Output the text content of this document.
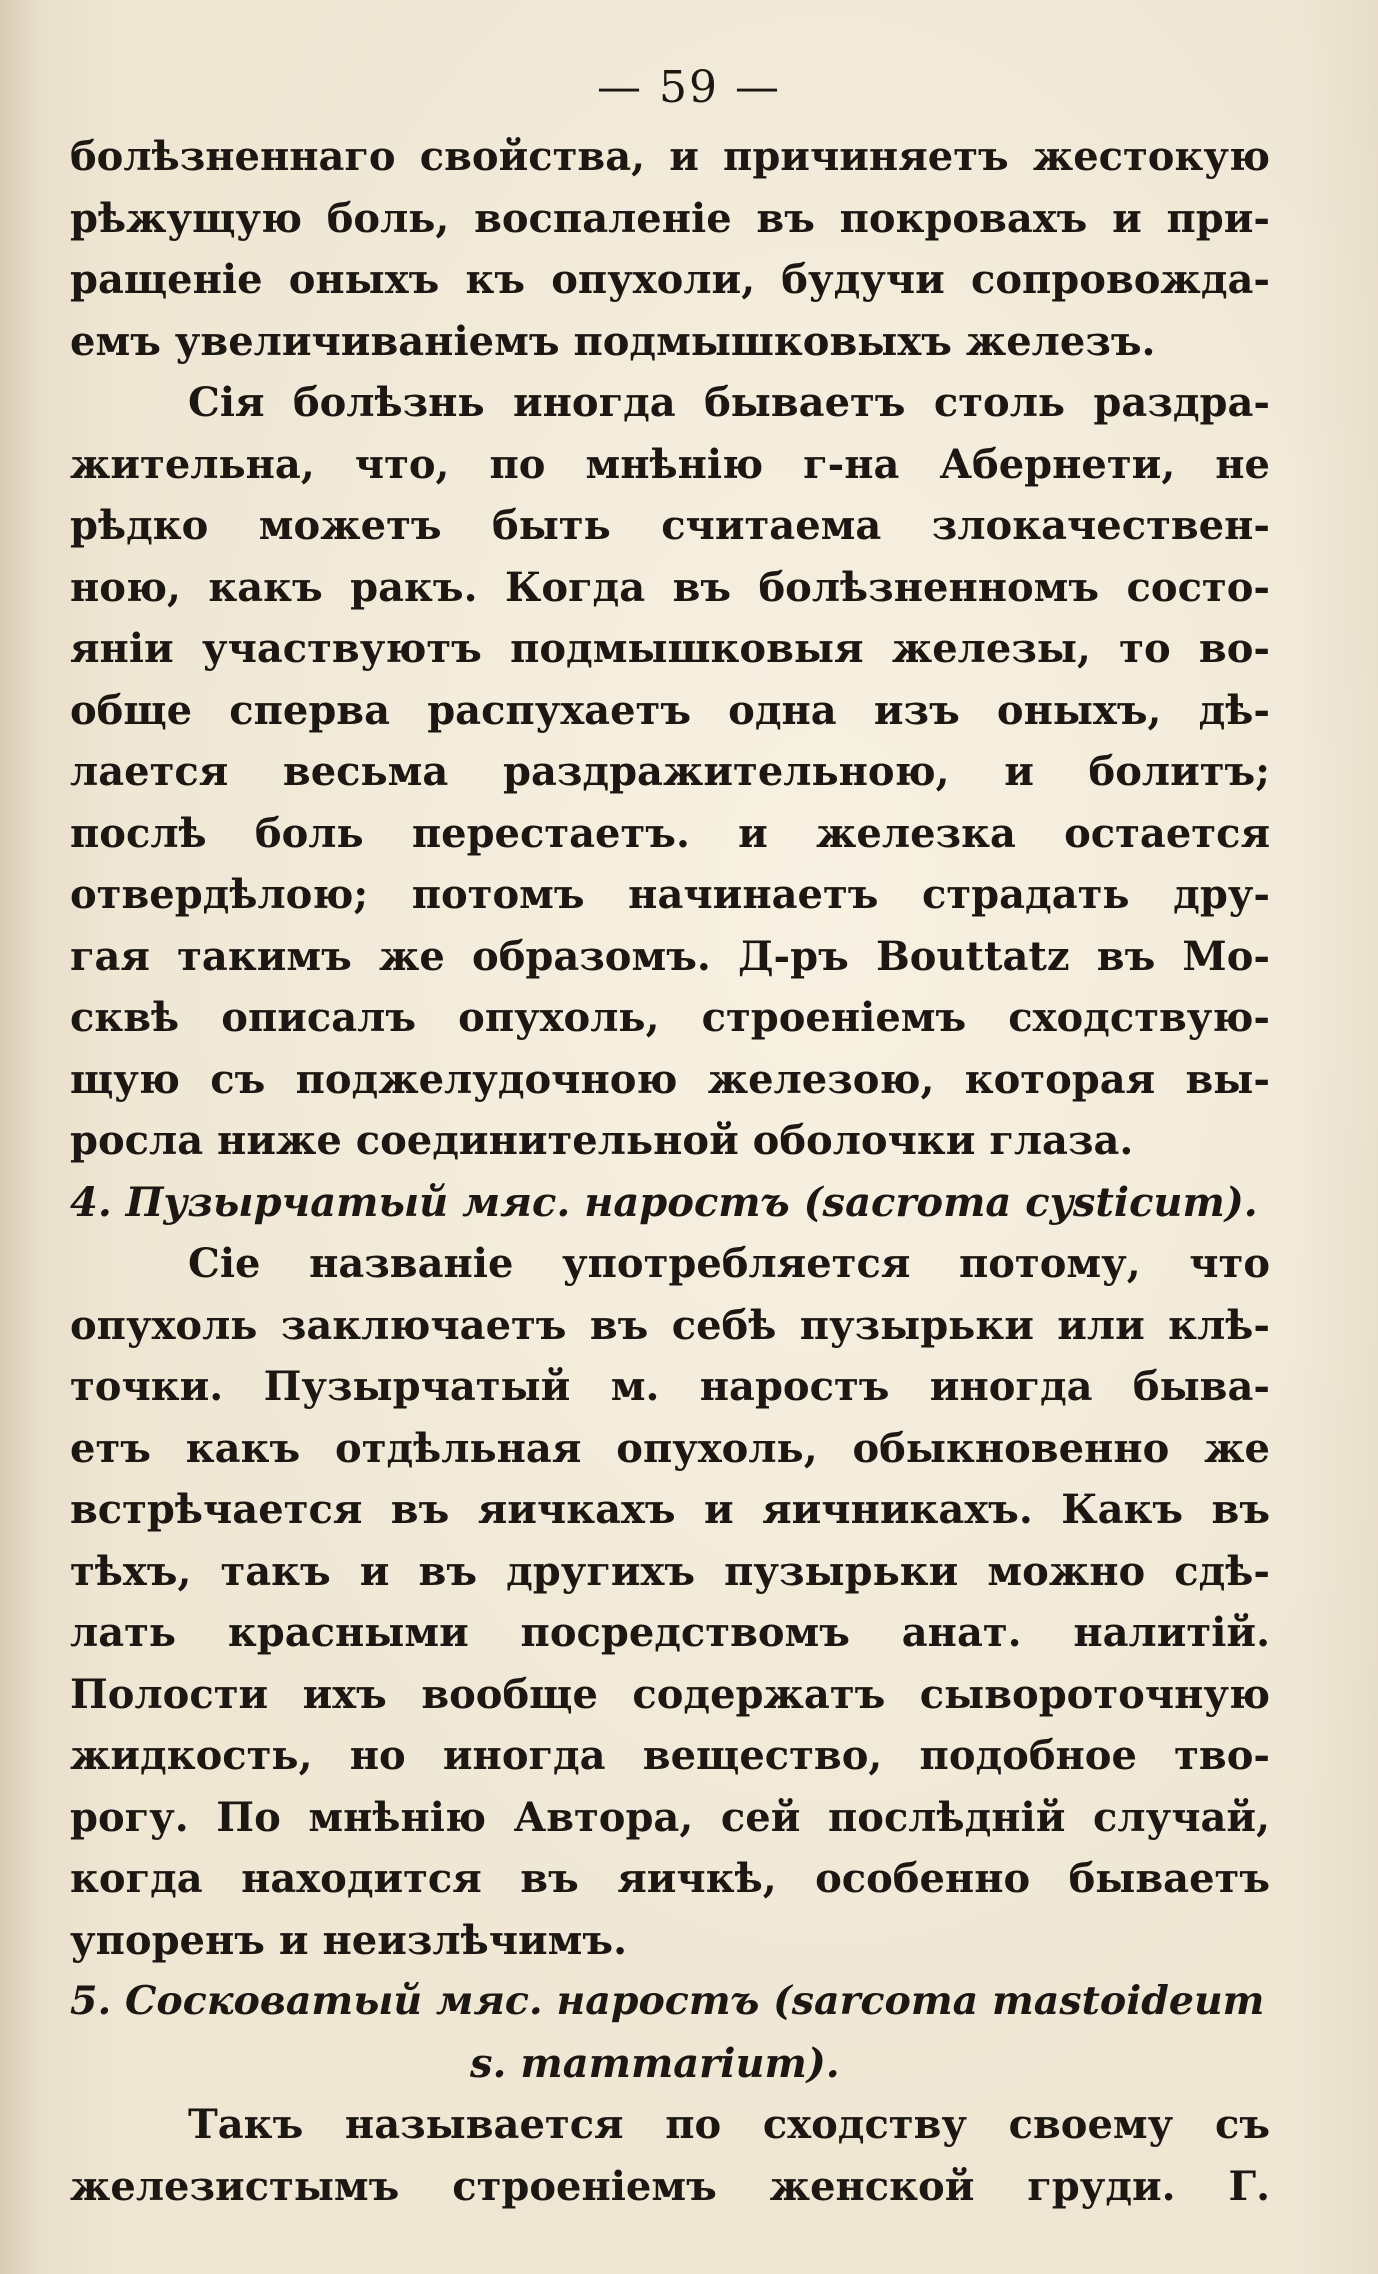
— 59 —
болѣзненнаго свойства, и причиняетъ жестокую
рѣжущую боль, воспаленіе въ покровахъ и при-
ращеніе оныхъ къ опухоли, будучи сопровожда-
емъ увеличиваніемъ подмышковыхъ железъ.
Сія болѣзнь иногда бываетъ столь раздра-
жительна, что, по мнѣнію г-на Абернети, не
рѣдко можетъ быть считаема злокачествен-
ною, какъ ракъ. Когда въ болѣзненномъ состо-
яніи участвуютъ подмышковыя железы, то во-
обще сперва распухаетъ одна изъ оныхъ, дѣ-
лается весьма раздражительною, и болитъ;
послѣ боль перестаетъ. и железка остается
отвердѣлою; потомъ начинаетъ страдать дру-
гая такимъ же образомъ. Д-ръ Bouttatz въ Мо-
сквѣ описалъ опухоль, строеніемъ сходствую-
щую съ поджелудочною железою, которая вы-
росла ниже соединительной оболочки глаза.
4. Пузырчатый мяс. наростъ (sacroma cysticum).
Сіе названіе употребляется потому, что
опухоль заключаетъ въ себѣ пузырьки или клѣ-
точки. Пузырчатый м. наростъ иногда быва-
етъ какъ отдѣльная опухоль, обыкновенно же
встрѣчается въ яичкахъ и яичникахъ. Какъ въ
тѣхъ, такъ и въ другихъ пузырьки можно сдѣ-
лать красными посредствомъ анат. налитій.
Полости ихъ вообще содержатъ сывороточную
жидкость, но иногда вещество, подобное тво-
рогу. По мнѣнію Автора, сей послѣдній случай,
когда находится въ яичкѣ, особенно бываетъ
упоренъ и неизлѣчимъ.
5. Сосковатый мяс. наростъ (sarcoma mastoideum
s. mammarium).
Такъ называется по сходству своему съ
железистымъ строеніемъ женской груди. Г.
